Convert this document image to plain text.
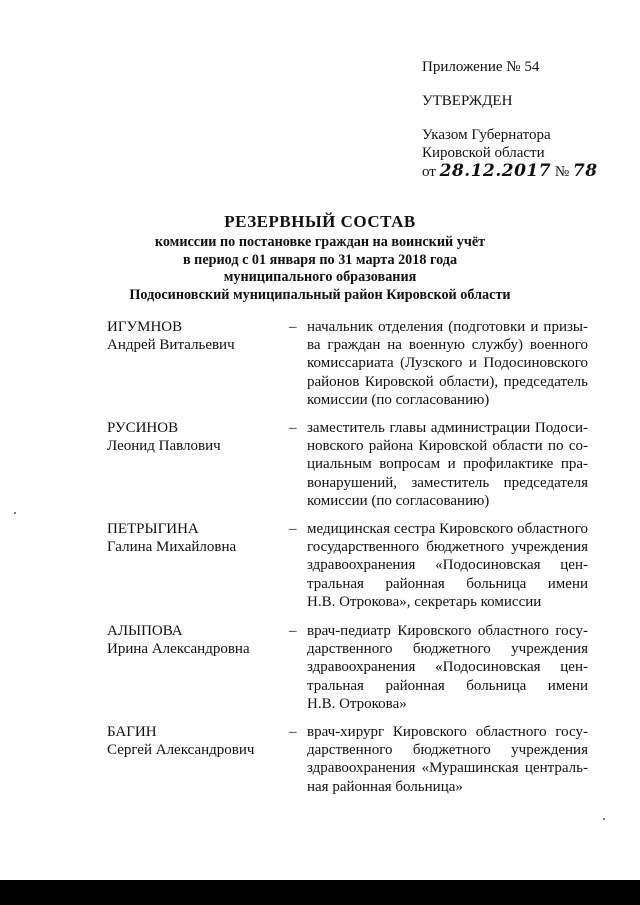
Приложение № 54
УТВЕРЖДЕН
Указом Губернатора
Кировской области
от 28.12.2017 № 78
РЕЗЕРВНЫЙ СОСТАВ
комиссии по постановке граждан на воинский учёт
в период с 01 января по 31 марта 2018 года
муниципального образования
Подосиновский муниципальный район Кировской области
ИГУМНОВ
Андрей Витальевич
– начальник отделения (подготовки и призы-
ва граждан на военную службу) военного
комиссариата (Лузского и Подосиновского
районов Кировской области), председатель
комиссии (по согласованию)
РУСИНОВ
Леонид Павлович
– заместитель главы администрации Подоси-
новского района Кировской области по со-
циальным вопросам и профилактике пра-
вонарушений, заместитель председателя
комиссии (по согласованию)
ПЕТРЫГИНА
Галина Михайловна
– медицинская сестра Кировского областного
государственного бюджетного учреждения
здравоохранения «Подосиновская цен-
тральная районная больница имени
Н.В. Отрокова», секретарь комиссии
АЛЫПОВА
Ирина Александровна
– врач-педиатр Кировского областного госу-
дарственного бюджетного учреждения
здравоохранения «Подосиновская цен-
тральная районная больница имени
Н.В. Отрокова»
БАГИН
Сергей Александрович
– врач-хирург Кировского областного госу-
дарственного бюджетного учреждения
здравоохранения «Мурашинская централь-
ная районная больница»
